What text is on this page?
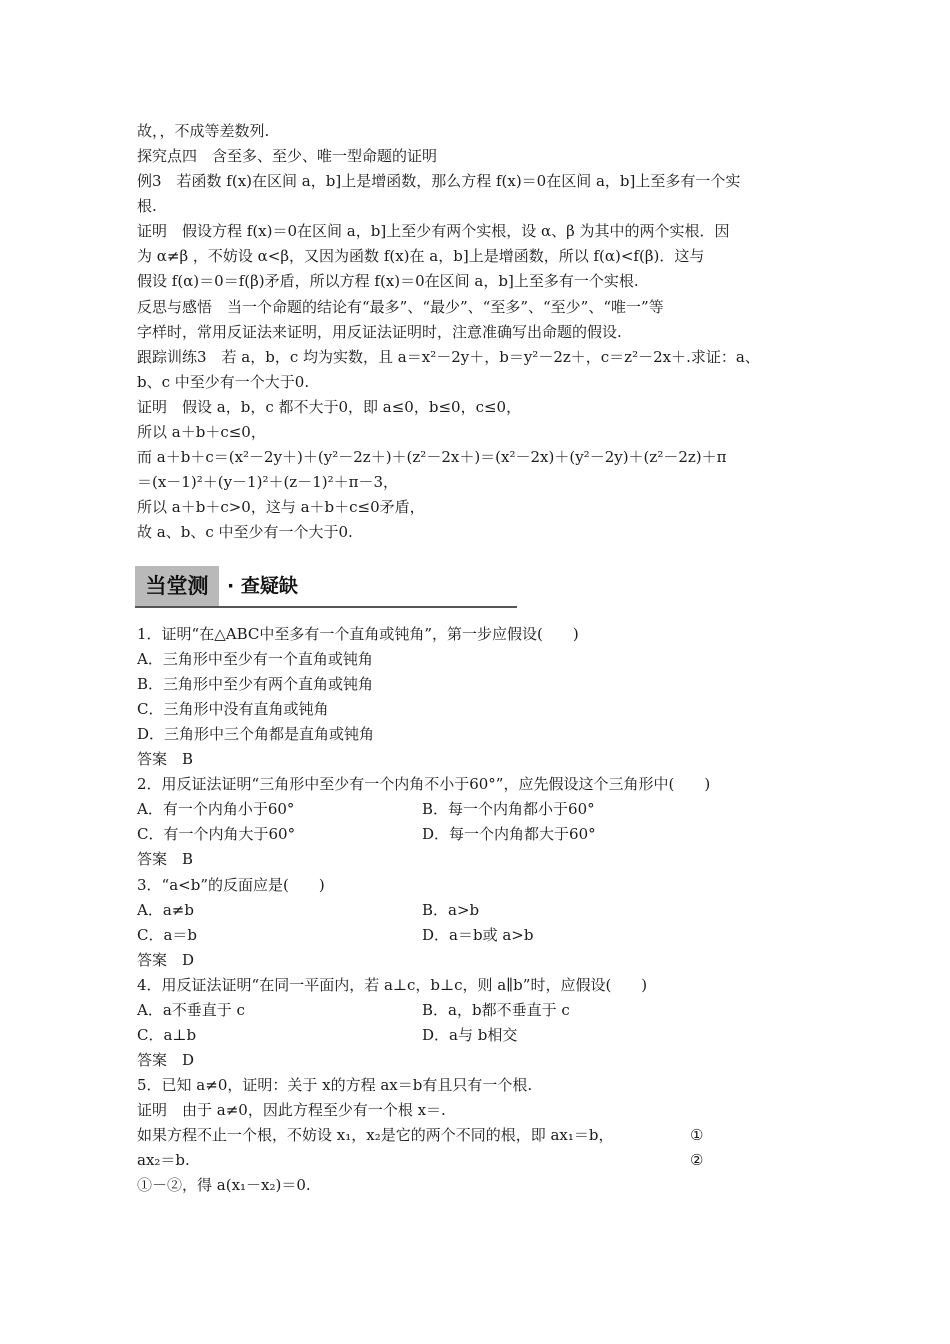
故，，不成等差数列.
探究点四　含至多、至少、唯一型命题的证明
例3　若函数 f(x)在区间 a，b]上是增函数，那么方程 f(x)＝0在区间 a，b]上至多有一个实
根.
证明　假设方程 f(x)＝0在区间 a，b]上至少有两个实根，设 α、β 为其中的两个实根．因
为 α≠β ，不妨设 α<β，又因为函数 f(x)在 a，b]上是增函数，所以 f(α)<f(β)．这与
假设 f(α)＝0＝f(β)矛盾，所以方程 f(x)＝0在区间 a，b]上至多有一个实根.
反思与感悟　当一个命题的结论有“最多”、“最少”、“至多”、“至少”、“唯一”等
字样时，常用反证法来证明，用反证法证明时，注意准确写出命题的假设.
跟踪训练3　若 a，b，c 均为实数，且 a＝x²－2y＋，b＝y²－2z＋，c＝z²－2x＋.求证：a、
b、c 中至少有一个大于0.
证明　假设 a，b，c 都不大于0，即 a≤0，b≤0，c≤0，
所以 a＋b＋c≤0，
而 a＋b＋c＝(x²－2y＋)＋(y²－2z＋)＋(z²－2x＋)＝(x²－2x)＋(y²－2y)＋(z²－2z)＋π
＝(x－1)²＋(y－1)²＋(z－1)²＋π－3，
所以 a＋b＋c>0，这与 a＋b＋c≤0矛盾，
故 a、b、c 中至少有一个大于0.
当堂测 · 查疑缺
1．证明“在△ABC中至多有一个直角或钝角”，第一步应假设(　　)
A．三角形中至少有一个直角或钝角
B．三角形中至少有两个直角或钝角
C．三角形中没有直角或钝角
D．三角形中三个角都是直角或钝角
答案　B
2．用反证法证明“三角形中至少有一个内角不小于60°”，应先假设这个三角形中(　　)
A．有一个内角小于60°	B．每一个内角都小于60°
C．有一个内角大于60°	D．每一个内角都大于60°
答案　B
3．“a<b”的反面应是(　　)
A．a≠b	B．a>b
C．a＝b	D．a＝b或 a>b
答案　D
4．用反证法证明“在同一平面内，若 a⊥c，b⊥c，则 a∥b”时，应假设(　　)
A．a不垂直于 c	B．a，b都不垂直于 c
C．a⊥b	D．a与 b相交
答案　D
5．已知 a≠0，证明：关于 x的方程 ax＝b有且只有一个根.
证明　由于 a≠0，因此方程至少有一个根 x＝.
如果方程不止一个根，不妨设 x₁，x₂是它的两个不同的根，即 ax₁＝b，	①
ax₂＝b.	②
①－②，得 a(x₁－x₂)＝0.
